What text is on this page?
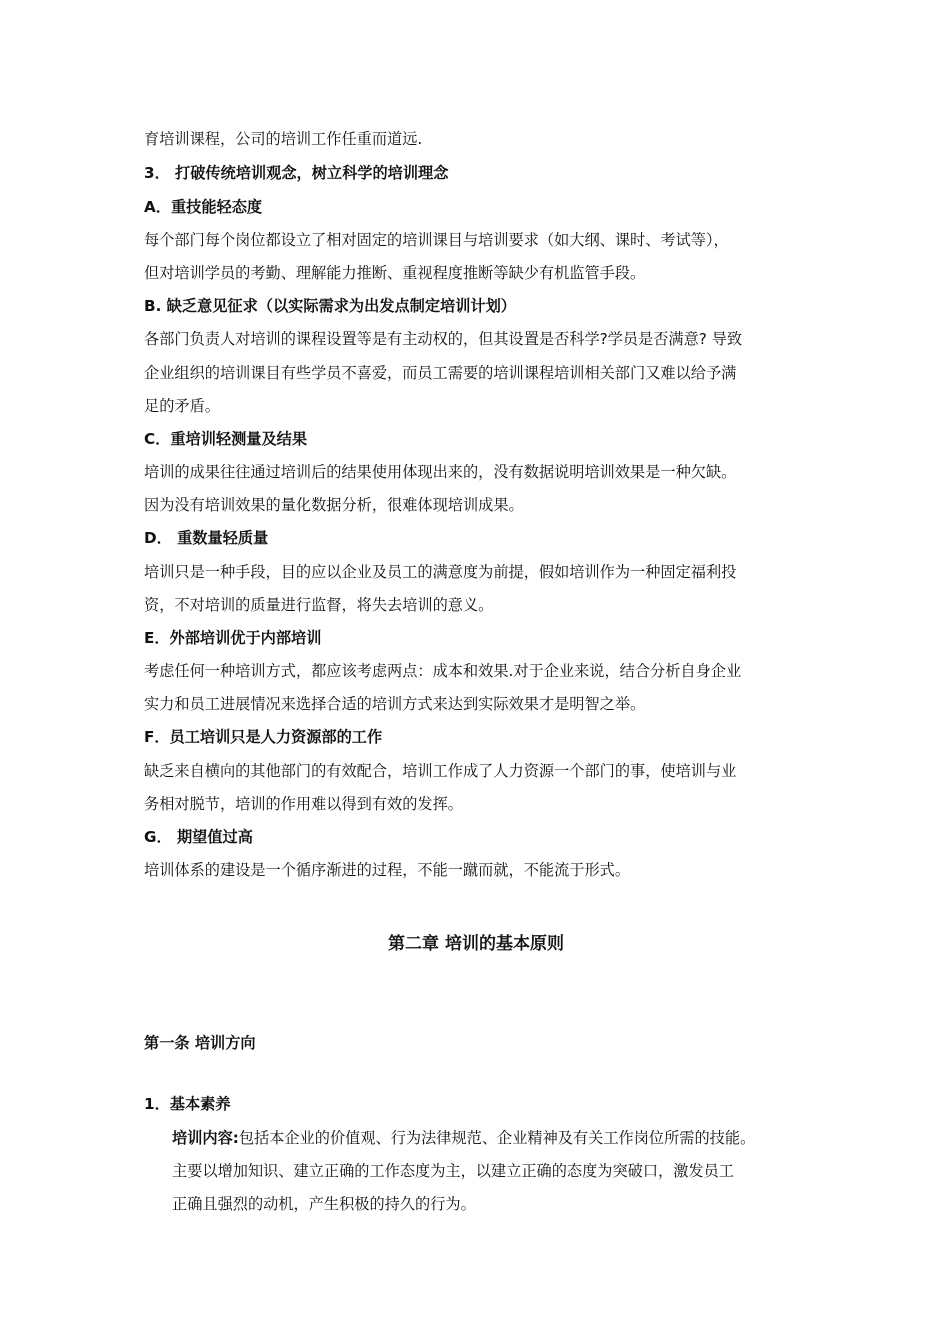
育培训课程，公司的培训工作任重而道远.
3． 打破传统培训观念，树立科学的培训理念
A．重技能轻态度
每个部门每个岗位都设立了相对固定的培训课目与培训要求（如大纲、课时、考试等），
但对培训学员的考勤、理解能力推断、重视程度推断等缺少有机监管手段。
B. 缺乏意见征求（以实际需求为出发点制定培训计划）
各部门负责人对培训的课程设置等是有主动权的，但其设置是否科学?学员是否满意? 导致
企业组织的培训课目有些学员不喜爱，而员工需要的培训课程培训相关部门又难以给予满
足的矛盾。
C．重培训轻测量及结果
培训的成果往往通过培训后的结果使用体现出来的，没有数据说明培训效果是一种欠缺。
因为没有培训效果的量化数据分析，很难体现培训成果。
D． 重数量轻质量
培训只是一种手段，目的应以企业及员工的满意度为前提，假如培训作为一种固定福利投
资，不对培训的质量进行监督，将失去培训的意义。
E．外部培训优于内部培训
考虑任何一种培训方式，都应该考虑两点：成本和效果.对于企业来说，结合分析自身企业
实力和员工进展情况来选择合适的培训方式来达到实际效果才是明智之举。
F．员工培训只是人力资源部的工作
缺乏来自横向的其他部门的有效配合，培训工作成了人力资源一个部门的事，使培训与业
务相对脱节，培训的作用难以得到有效的发挥。
G． 期望值过高
培训体系的建设是一个循序渐进的过程，不能一蹴而就，不能流于形式。
第二章 培训的基本原则
第一条 培训方向
1．基本素养
培训内容:包括本企业的价值观、行为法律规范、企业精神及有关工作岗位所需的技能。
主要以增加知识、建立正确的工作态度为主，以建立正确的态度为突破口，激发员工
正确且强烈的动机，产生积极的持久的行为。
